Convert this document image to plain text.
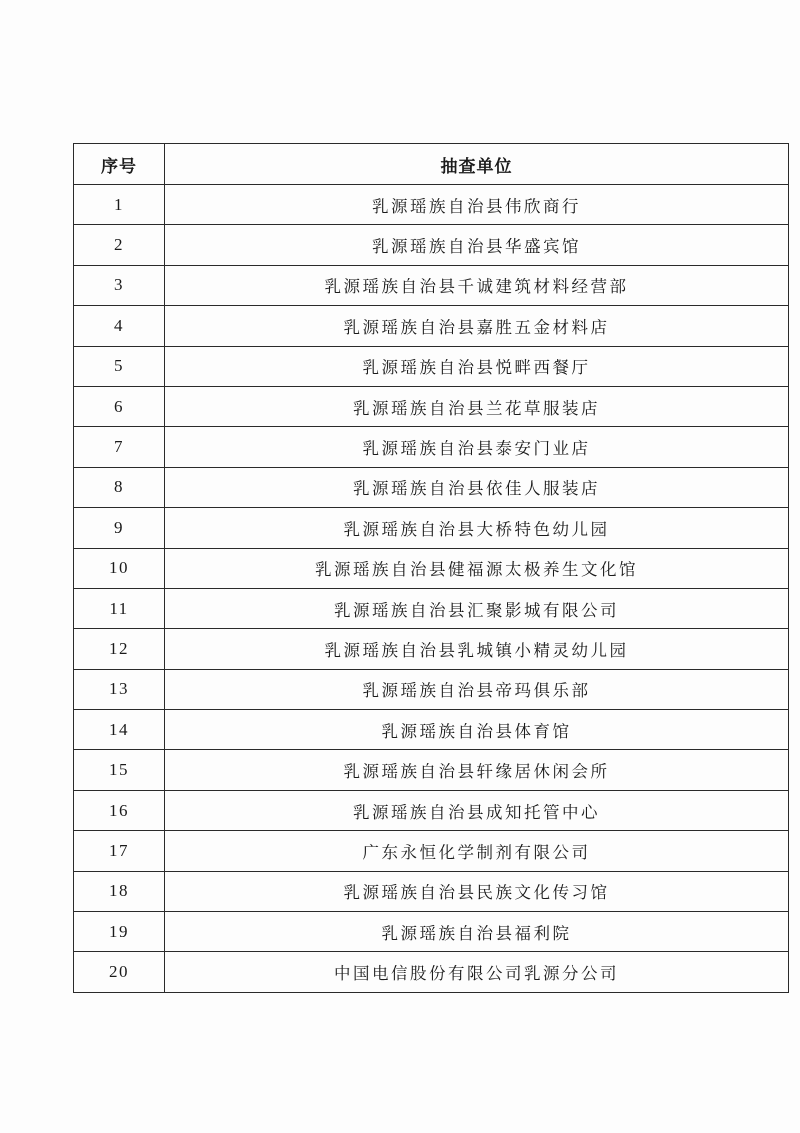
序号	抽查单位
1	乳源瑶族自治县伟欣商行
2	乳源瑶族自治县华盛宾馆
3	乳源瑶族自治县千诚建筑材料经营部
4	乳源瑶族自治县嘉胜五金材料店
5	乳源瑶族自治县悦畔西餐厅
6	乳源瑶族自治县兰花草服装店
7	乳源瑶族自治县泰安门业店
8	乳源瑶族自治县依佳人服装店
9	乳源瑶族自治县大桥特色幼儿园
10	乳源瑶族自治县健福源太极养生文化馆
11	乳源瑶族自治县汇聚影城有限公司
12	乳源瑶族自治县乳城镇小精灵幼儿园
13	乳源瑶族自治县帝玛俱乐部
14	乳源瑶族自治县体育馆
15	乳源瑶族自治县轩缘居休闲会所
16	乳源瑶族自治县成知托管中心
17	广东永恒化学制剂有限公司
18	乳源瑶族自治县民族文化传习馆
19	乳源瑶族自治县福利院
20	中国电信股份有限公司乳源分公司
